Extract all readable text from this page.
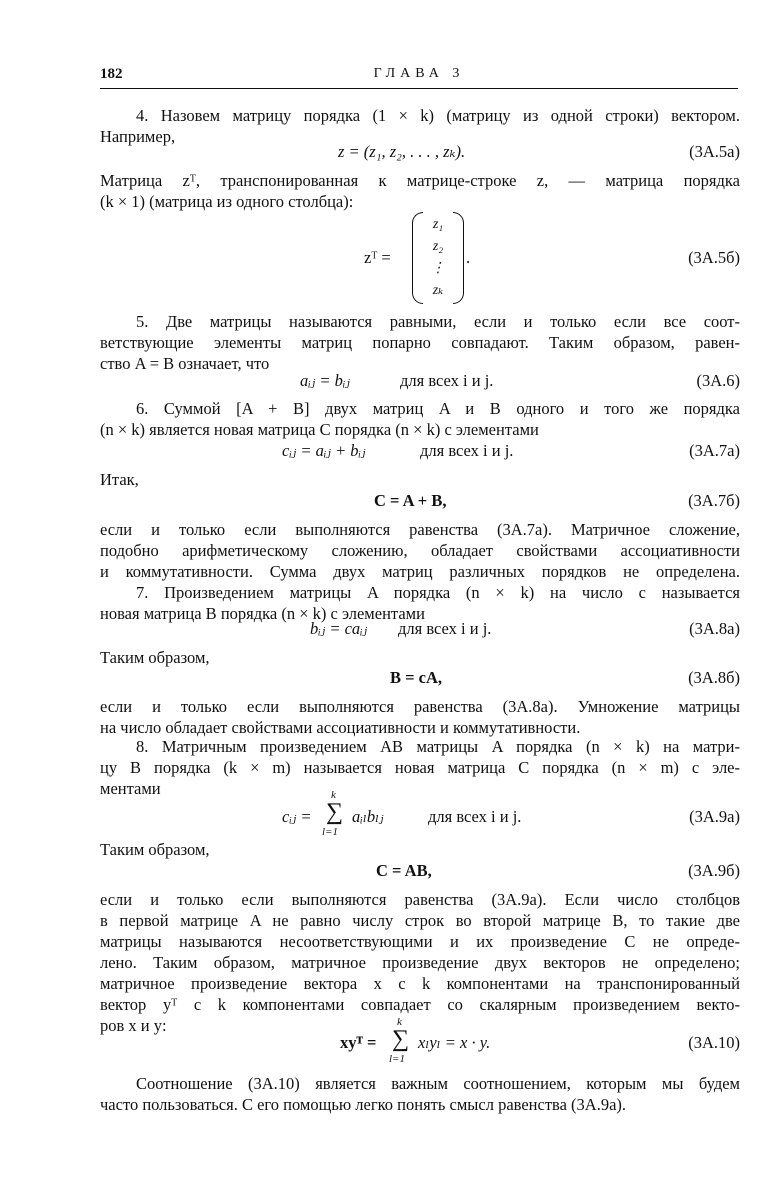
182	ГЛАВА 3
4. Назовем матрицу порядка (1 × k) (матрицу из одной строки) вектором.
Например,
z = (z₁, z₂, . . . , zₖ).	(3А.5а)
Матрица zᵀ, транспонированная к матрице-строке z, — матрица порядка
(k × 1) (матрица из одного столбца):
zᵀ =
z₁
z₂
⋮
zₖ
.	(3А.5б)
5. Две матрицы называются равными, если и только если все соот-
ветствующие элементы матриц попарно совпадают. Таким образом, равен-
ство A = B означает, что
aᵢⱼ = bᵢⱼ	для всех i и j.	(3А.6)
6. Суммой [A + B] двух матриц A и B одного и того же порядка
(n × k) является новая матрица C порядка (n × k) с элементами
cᵢⱼ = aᵢⱼ + bᵢⱼ	для всех i и j.	(3А.7а)
Итак,
C = A + B,	(3А.7б)
если и только если выполняются равенства (3А.7а). Матричное сложение,
подобно арифметическому сложению, обладает свойствами ассоциативности
и коммутативности. Сумма двух матриц различных порядков не определена.
7. Произведением матрицы A порядка (n × k) на число c называется
новая матрица B порядка (n × k) с элементами
bᵢⱼ = caᵢⱼ для всех i и j.	(3А.8а)
Таким образом,
B = cA,	(3А.8б)
если и только если выполняются равенства (3А.8а). Умножение матрицы
на число обладает свойствами ассоциативности и коммутативности.
8. Матричным произведением AB матрицы A порядка (n × k) на матри-
цу B порядка (k × m) называется новая матрица C порядка (n × m) с эле-
ментами
cᵢⱼ =
k
∑
l=1
aᵢₗbₗⱼ	для всех i и j.	(3А.9а)
Таким образом,
C = AB,	(3А.9б)
если и только если выполняются равенства (3А.9а). Если число столбцов
в первой матрице A не равно числу строк во второй матрице B, то такие две
матрицы называются несоответствующими и их произведение C не опреде-
лено. Таким образом, матричное произведение двух векторов не определено;
матричное произведение вектора x с k компонентами на транспонированный
вектор yᵀ с k компонентами совпадает со скалярным произведением векто-
ров x и y:
xyᵀ =
k
∑
l=1
xₗyₗ = x · y.	(3А.10)
Соотношение (3А.10) является важным соотношением, которым мы будем
часто пользоваться. С его помощью легко понять смысл равенства (3А.9а).
